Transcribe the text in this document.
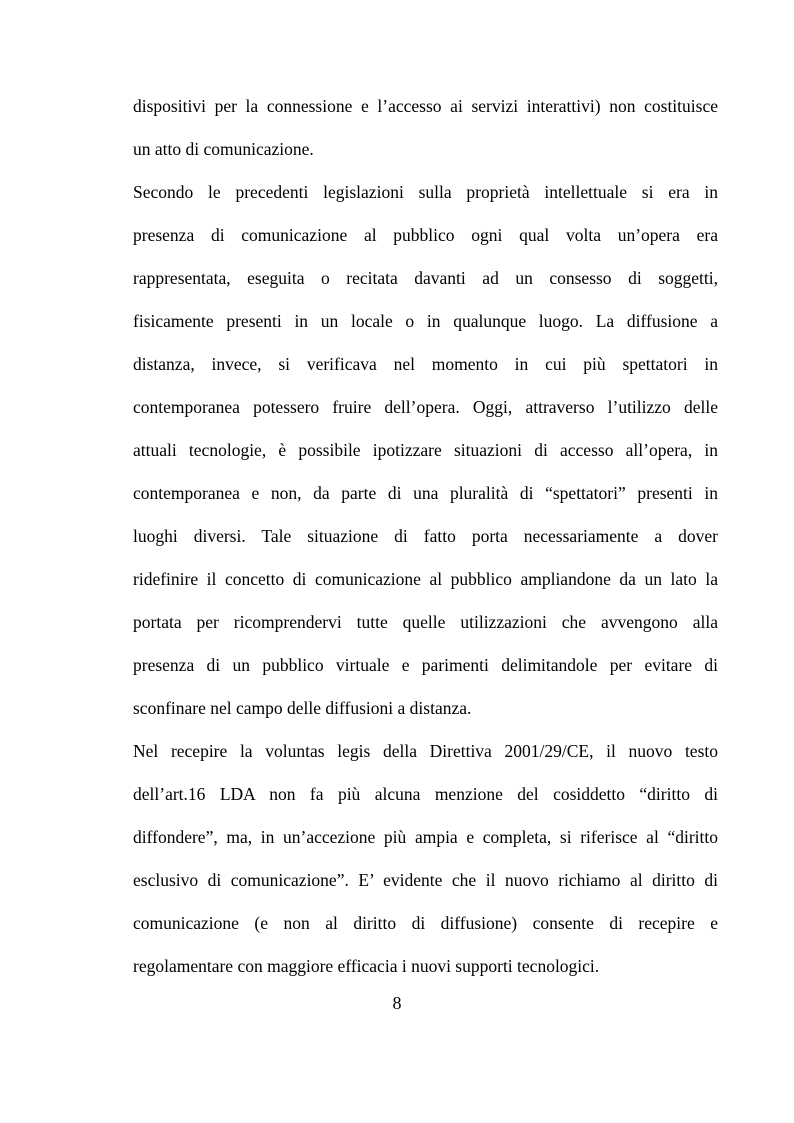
dispositivi per la connessione e l’accesso ai servizi interattivi) non costituisce
un atto di comunicazione.
Secondo le precedenti legislazioni sulla proprietà intellettuale si era in
presenza di comunicazione al pubblico ogni qual volta un’opera era
rappresentata, eseguita o recitata davanti ad un consesso di soggetti,
fisicamente presenti in un locale o in qualunque luogo. La diffusione a
distanza, invece, si verificava nel momento in cui più spettatori in
contemporanea potessero fruire dell’opera. Oggi, attraverso l’utilizzo delle
attuali tecnologie, è possibile ipotizzare situazioni di accesso all’opera, in
contemporanea e non, da parte di una pluralità di “spettatori” presenti in
luoghi diversi. Tale situazione di fatto porta necessariamente a dover
ridefinire il concetto di comunicazione al pubblico ampliandone da un lato la
portata per ricomprendervi tutte quelle utilizzazioni che avvengono alla
presenza di un pubblico virtuale e parimenti delimitandole per evitare di
sconfinare nel campo delle diffusioni a distanza.
Nel recepire la voluntas legis della Direttiva 2001/29/CE, il nuovo testo
dell’art.16 LDA non fa più alcuna menzione del cosiddetto “diritto di
diffondere”, ma, in un’accezione più ampia e completa, si riferisce al “diritto
esclusivo di comunicazione”. E’ evidente che il nuovo richiamo al diritto di
comunicazione (e non al diritto di diffusione) consente di recepire e
regolamentare con maggiore efficacia i nuovi supporti tecnologici.
8
